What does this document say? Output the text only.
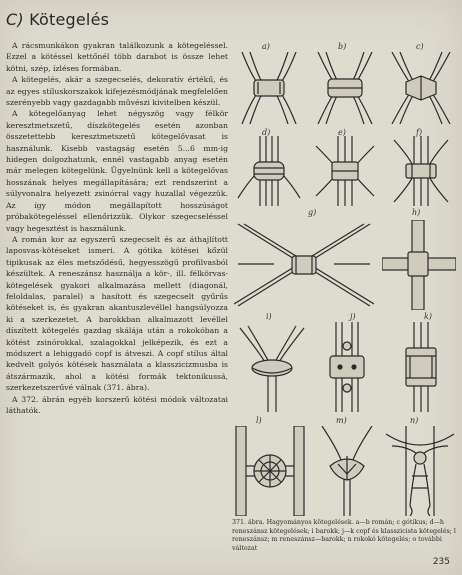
C) Kötegelés

A rácsmunkákon gyakran találkozunk a kötegeléssel. Ezzel a kötéssel kettőnél több darabot is össze lehet kötni, szép, ízléses formában.

A kötegelés, akár a szegecselés, dekoratív értékű, és az egyes stíluskorszakok kifejezésmódjának megfelelően szerényebb vagy gazdagabb művészi kivitelben készül.

A kötegelőanyag lehet négyszög vagy félkör keresztmetszetű, díszkötegelés esetén azonban összetettebb keresztmetszetű kötegelővasat is használunk. Kisebb vastagság esetén 5...6 mm-ig hidegen dolgozhatunk, ennél vastagabb anyag esetén már melegen kötegelünk. Ügyelnünk kell a kötegelővas hosszának helyes megállapítására; ezt rendszerint a súlyvonalra helyezett zsinórral vagy huzallal végezzük. Az így módon megállapított hosszúságot próbakötegeléssel ellenőrizzük. Olykor szegecseléssel vagy hegesztést is használunk.

A román kor az egyszerű szegecselt és az áthajlított laposvas-kötéseket ismeri. A gótika kötései kőzül tipikusak az éles metsződésű, hegyesszögű profilvasból készültek. A reneszánsz használja a kör-, ill. félkörvas-kötegelések gyakori alkalmazása mellett (diagonál, feloldalas, paralel) a hasított és szegecselt gyűrűs kötéseket is, és gyakran akantuszlevéllel hangsúlyozza ki a szerkezetet. A barokkban alkalmazott levéllel díszített kötegelés gazdag skálája után a rokokóban a kötést zsinórokkal, szalagokkal jelképezik, és ezt a módszert a lehiggadó copf is átveszi. A copf stílus által kedvelt golyós kötések használata a klasszicizmusba is átszármazik, ahol a kötési formák tektonikussá, szerkezetszerűvé válnak (371. ábra).

A 372. ábrán egyéb korszerű kötési módok változatai láthatók.

a)	b)	c)
d)	e)	f)
g)	h)
i)	j)	k)
l)	m)	n)
371. ábra. Hagyományos kötegelések. a—b román; c gótikus; d—h reneszánsz kötegelések; i barokk; j—k copf és klasszicista kötegelés; l reneszánsz; m reneszánsz—barokk; n rokokó kötegelés; o további változat
235
